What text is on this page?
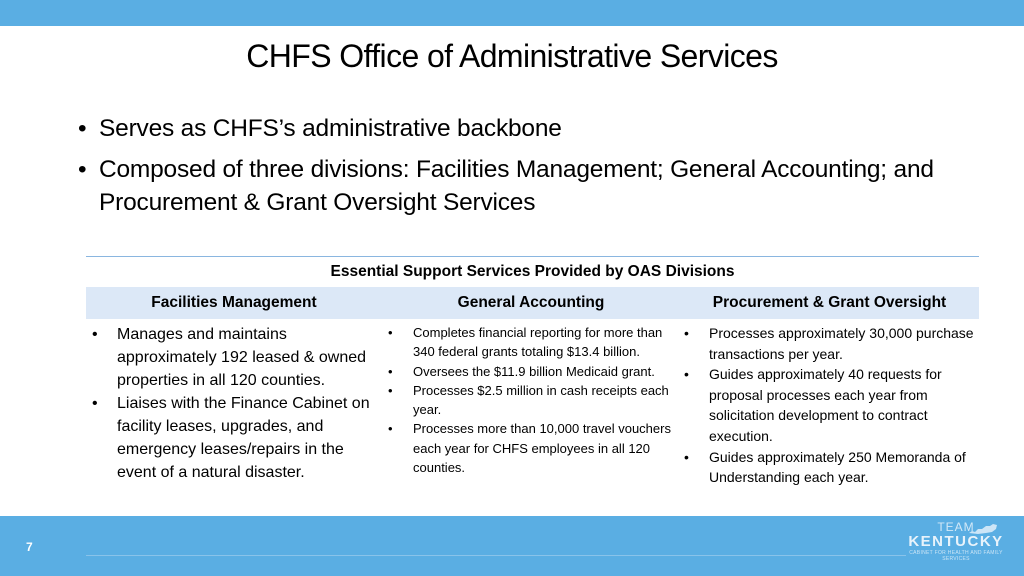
CHFS Office of Administrative Services
• Serves as CHFS’s administrative backbone
• Composed of three divisions: Facilities Management; General Accounting; and Procurement & Grant Oversight Services
Essential Support Services Provided by OAS Divisions
Facilities Management	General Accounting	Procurement & Grant Oversight
• Manages and maintains approximately 192 leased & owned properties in all 120 counties.
• Liaises with the Finance Cabinet on facility leases, upgrades, and emergency leases/repairs in the event of a natural disaster.
• Completes financial reporting for more than 340 federal grants totaling $13.4 billion.
• Oversees the $11.9 billion Medicaid grant.
• Processes $2.5 million in cash receipts each year.
• Processes more than 10,000 travel vouchers each year for CHFS employees in all 120 counties.
• Processes approximately 30,000 purchase transactions per year.
• Guides approximately 40 requests for proposal processes each year from solicitation development to contract execution.
• Guides approximately 250 Memoranda of Understanding each year.
7
TEAM
KENTUCKY
CABINET FOR HEALTH AND FAMILY SERVICES
